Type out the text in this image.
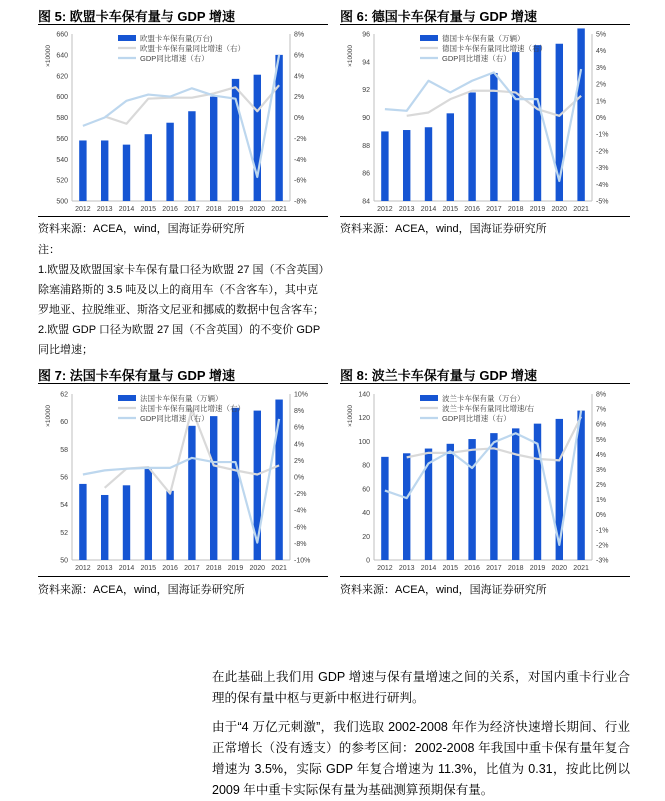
图 5: 欧盟卡车保有量与 GDP 增速	图 6: 德国卡车保有量与 GDP 增速
500
520
540
560
580
600
620
640
660
-8%
-6%
-4%
-2%
0%
2%
4%
6%
8%
×10000
2012 2013 2014 2015 2016 2017 2018 2019 2020 2021
欧盟卡车保有量(万台)
欧盟卡车保有量同比增速（右）
GDP同比增速（右）
84
86
88
90
92
94
96
-5%
-4%
-3%
-2%
-1%
0%
1%
2%
3%
4%
5%
×10000
2012 2013 2014 2015 2016 2017 2018 2019 2020 2021
德国卡车保有量（万辆）
德国卡车保有量同比增速（右）
GDP同比增速（右）
资料来源：ACEA，wind，国海证券研究所	资料来源：ACEA，wind，国海证券研究所

注：

1.欧盟及欧盟国家卡车保有量口径为欧盟 27 国（不含英国）除塞浦路斯的 3.5 吨及以上的商用车（不含客车），其中克罗地亚、拉脱维亚、斯洛文尼亚和挪威的数据中包含客车；

2.欧盟 GDP 口径为欧盟 27 国（不含英国）的不变价 GDP 同比增速；

图 7: 法国卡车保有量与 GDP 增速	图 8: 波兰卡车保有量与 GDP 增速
50
52
54
56
58
60
62
-10%
-8%
-6%
-4%
-2%
0%
2%
4%
6%
8%
10%
×10000
2012 2013 2014 2015 2016 2017 2018 2019 2020 2021
法国卡车保有量（万辆）
法国卡车保有量同比增速（右）
GDP同比增速（右）
0
20
40
60
80
100
120
140
-3%
-2%
-1%
0%
1%
2%
3%
4%
5%
6%
7%
8%
×10000
2012 2013 2014 2015 2016 2017 2018 2019 2020 2021
波兰卡车保有量（万台）
波兰卡车保有量同比增速/右
GDP同比增速（右）
资料来源：ACEA，wind，国海证券研究所	资料来源：ACEA，wind，国海证券研究所

在此基础上我们用 GDP 增速与保有量增速之间的关系，对国内重卡行业合理的保有量中枢与更新中枢进行研判。

由于“4 万亿元刺激”，我们选取 2002-2008 年作为经济快速增长期间、行业正常增长（没有透支）的参考区间：2002-2008 年我国中重卡保有量年复合增速为 3.5%，实际 GDP 年复合增速为 11.3%，比值为 0.31，按此比例以 2009 年中重卡实际保有量为基础测算预期保有量。
